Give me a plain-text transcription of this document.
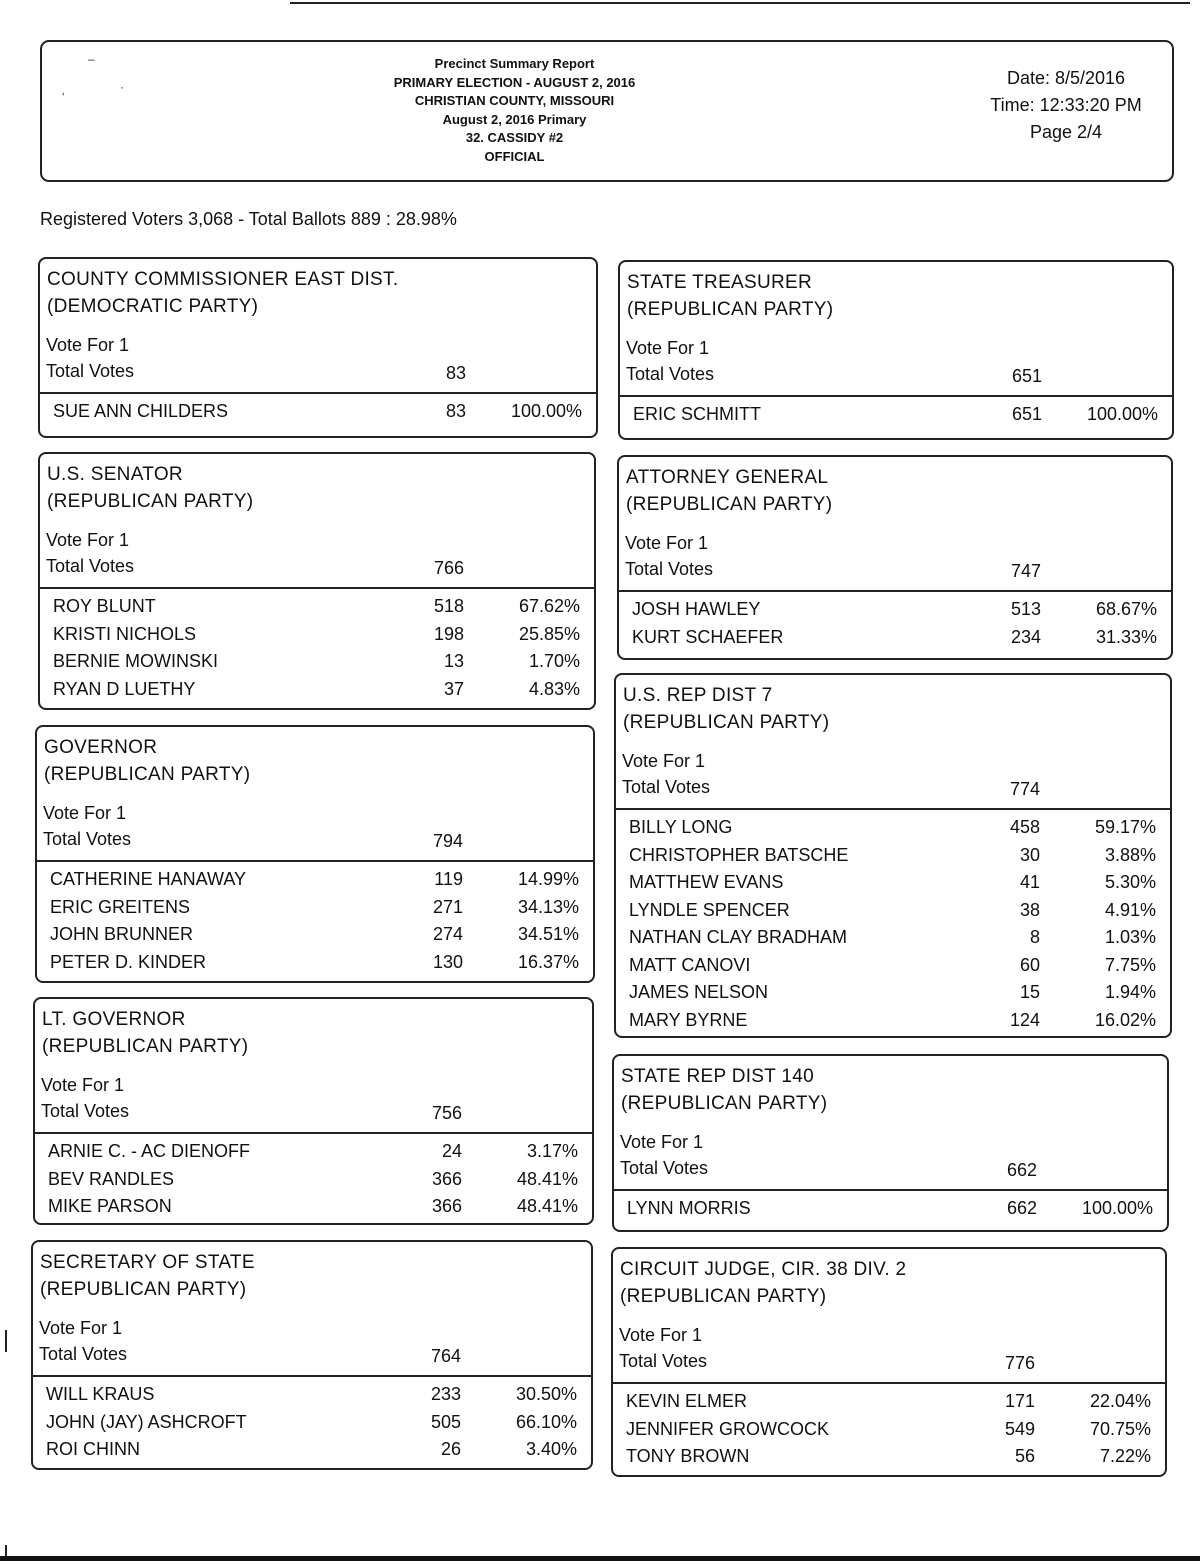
–
·
‘
Precinct Summary Report
PRIMARY ELECTION - AUGUST 2, 2016
CHRISTIAN COUNTY, MISSOURI
August 2, 2016 Primary
32. CASSIDY #2
OFFICIAL
Date: 8/5/2016
Time: 12:33:20 PM
Page 2/4
Registered Voters 3,068 - Total Ballots 889 : 28.98%
COUNTY COMMISSIONER EAST DIST.
(DEMOCRATIC PARTY)
Vote For 1
Total Votes	83
SUE ANN CHILDERS	83 100.00%
U.S. SENATOR
(REPUBLICAN PARTY)
Vote For 1
Total Votes	766
ROY BLUNT	518	67.62%
KRISTI NICHOLS	198	25.85%
BERNIE MOWINSKI	13	1.70%
RYAN D LUETHY	37	4.83%
GOVERNOR
(REPUBLICAN PARTY)
Vote For 1
Total Votes	794
CATHERINE HANAWAY	119	14.99%
ERIC GREITENS	271	34.13%
JOHN BRUNNER	274	34.51%
PETER D. KINDER	130	16.37%
LT. GOVERNOR
(REPUBLICAN PARTY)
Vote For 1
Total Votes	756
ARNIE C. - AC DIENOFF	24	3.17%
BEV RANDLES	366	48.41%
MIKE PARSON	366	48.41%
SECRETARY OF STATE
(REPUBLICAN PARTY)
Vote For 1
Total Votes	764
WILL KRAUS	233	30.50%
JOHN (JAY) ASHCROFT	505	66.10%
ROI CHINN	26	3.40%
STATE TREASURER
(REPUBLICAN PARTY)
Vote For 1
Total Votes	651
ERIC SCHMITT	651 100.00%
ATTORNEY GENERAL
(REPUBLICAN PARTY)
Vote For 1
Total Votes	747
JOSH HAWLEY	513	68.67%
KURT SCHAEFER	234	31.33%
U.S. REP DIST 7
(REPUBLICAN PARTY)
Vote For 1
Total Votes	774
BILLY LONG	458	59.17%
CHRISTOPHER BATSCHE	30	3.88%
MATTHEW EVANS	41	5.30%
LYNDLE SPENCER	38	4.91%
NATHAN CLAY BRADHAM	8	1.03%
MATT CANOVI	60	7.75%
JAMES NELSON	15	1.94%
MARY BYRNE	124	16.02%
STATE REP DIST 140
(REPUBLICAN PARTY)
Vote For 1
Total Votes	662
LYNN MORRIS	662 100.00%
CIRCUIT JUDGE, CIR. 38 DIV. 2
(REPUBLICAN PARTY)
Vote For 1
Total Votes	776
KEVIN ELMER	171	22.04%
JENNIFER GROWCOCK	549	70.75%
TONY BROWN	56	7.22%
